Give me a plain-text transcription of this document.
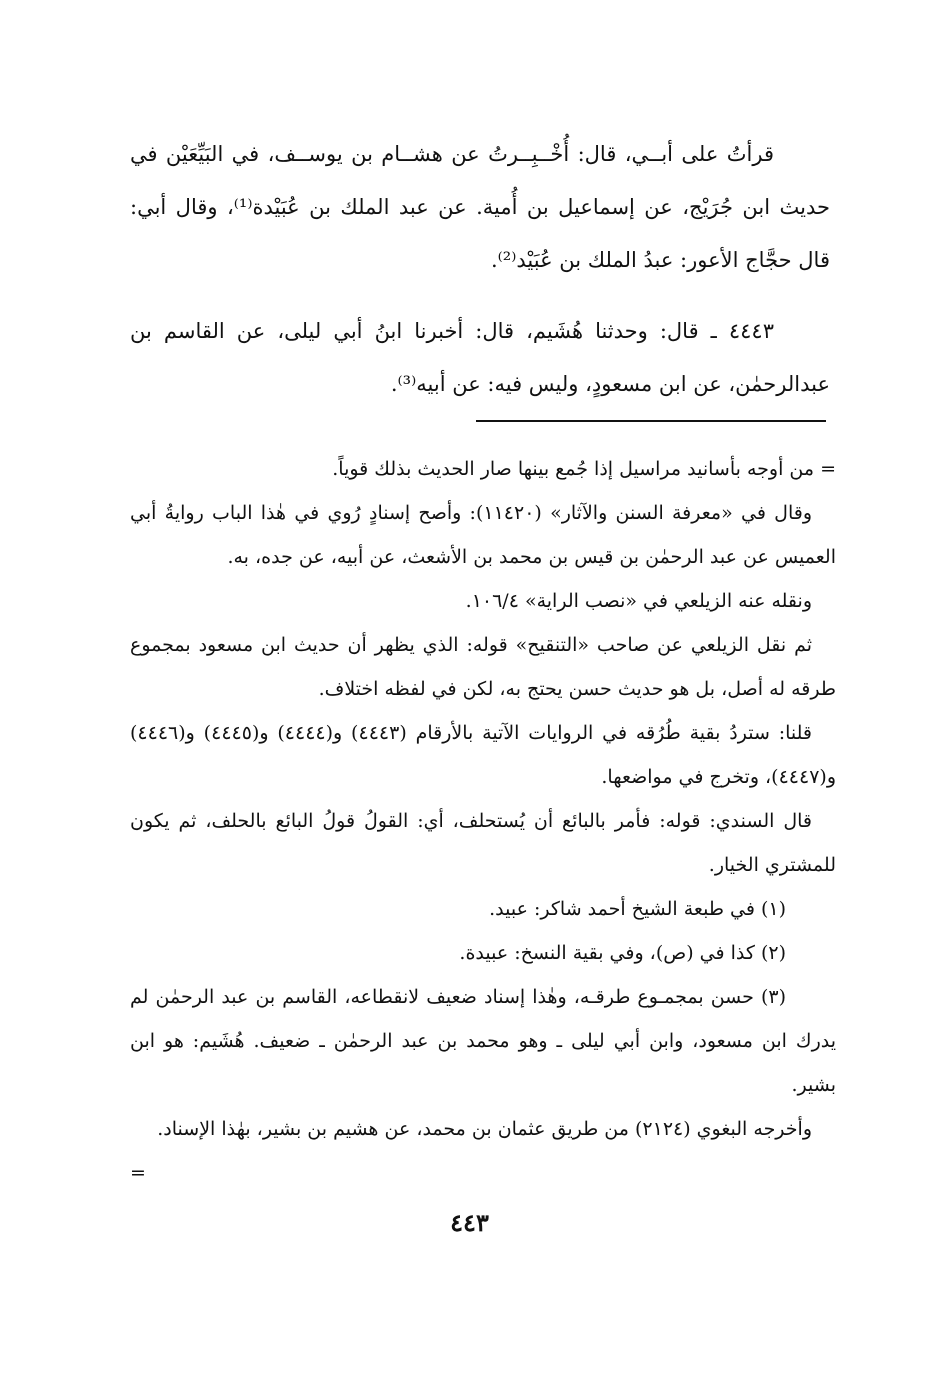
قرأتُ على أبــي، قال: أُخْــبِــرتُ عن هشــام بن يوســف، في البَيِّعَيْن في حديث ابن جُرَيْج، عن إسماعيل بن أُمية. عن عبد الملك بن عُبَيْدة⁽¹⁾، وقال أبي: قال حجَّاج الأعور: عبدُ الملك بن عُبَيْد⁽²⁾.

٤٤٤٣ ـ قال: وحدثنا هُشَيم، قال: أخبرنا ابنُ أبي ليلى، عن القاسم بن عبدالرحمٰن، عن ابن مسعودٍ، وليس فيه: عن أبيه⁽³⁾.

= من أوجه بأسانيد مراسيل إذا جُمع بينها صار الحديث بذلك قوياً.

وقال في «معرفة السنن والآثار» (١١٤٢٠): وأصح إسنادٍ رُوي في هٰذا الباب روايةُ أبي العميس عن عبد الرحمٰن بن قيس بن محمد بن الأشعث، عن أبيه، عن جده، به.

ونقله عنه الزيلعي في «نصب الراية» ١٠٦/٤.

ثم نقل الزيلعي عن صاحب «التنقيح» قوله: الذي يظهر أن حديث ابن مسعود بمجموع طرقه له أصل، بل هو حديث حسن يحتج به، لكن في لفظه اختلاف.

قلنا: ستردُ بقية طُرُقه في الروايات الآتية بالأرقام (٤٤٤٣) و(٤٤٤٤) و(٤٤٤٥) و(٤٤٤٦) و(٤٤٤٧)، وتخرج في مواضعها.

قال السندي: قوله: فأمر بالبائع أن يُستحلف، أي: القولُ قولُ البائع بالحلف، ثم يكون للمشتري الخيار.

(١) في طبعة الشيخ أحمد شاكر: عبيد.

(٢) كذا في (ص)، وفي بقية النسخ: عبيدة.

(٣) حسن بمجمـوع طرقـه، وهٰذا إسناد ضعيف لانقطاعه، القاسم بن عبد الرحمٰن لم يدرك ابن مسعود، وابن أبي ليلى ـ وهو محمد بن عبد الرحمٰن ـ ضعيف. هُشَيم: هو ابن بشير.

وأخرجه البغوي (٢١٢٤) من طريق عثمان بن محمد، عن هشيم بن بشير، بهٰذا الإسناد.
=

٤٤٣
